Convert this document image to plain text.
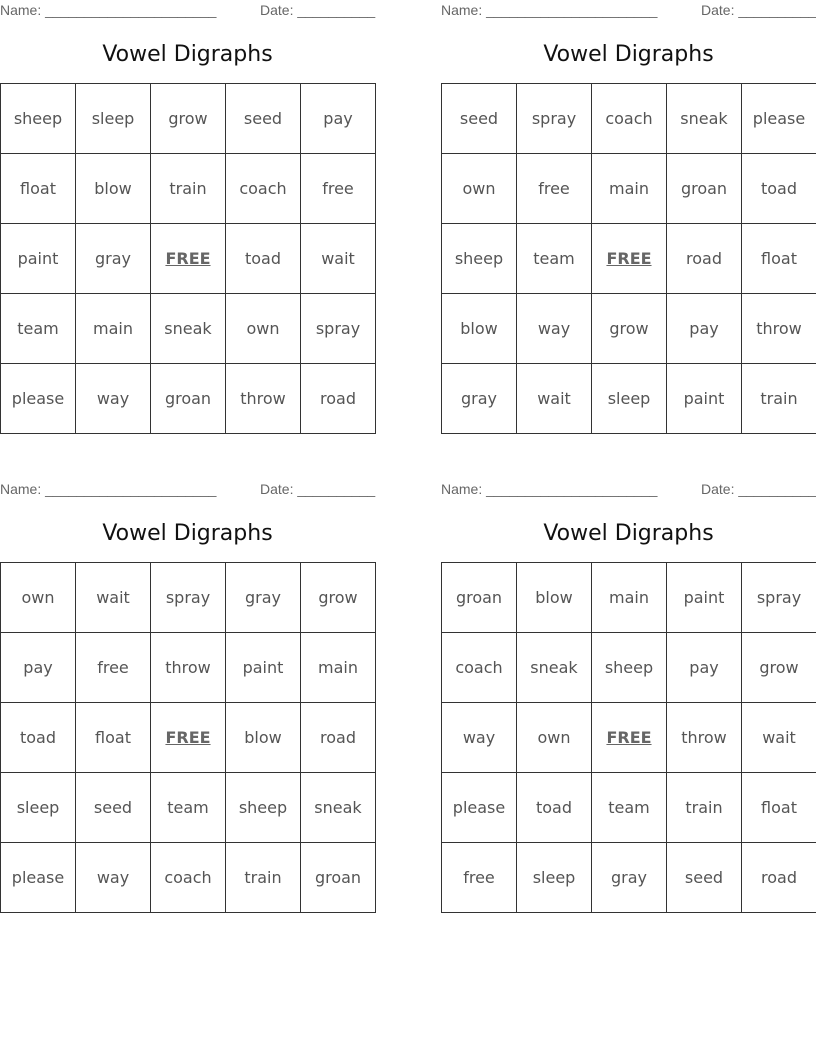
Name: ______________________	Date: __________
Vowel Digraphs
sheep	sleep	grow	seed	pay
float	blow	train	coach	free
paint	gray	FREE	toad	wait
team	main	sneak	own	spray
please	way	groan	throw	road
Name: ______________________	Date: __________
Vowel Digraphs
seed	spray	coach	sneak	please
own	free	main	groan	toad
sheep	team	FREE	road	float
blow	way	grow	pay	throw
gray	wait	sleep	paint	train
Name: ______________________	Date: __________
Vowel Digraphs
own	wait	spray	gray	grow
pay	free	throw	paint	main
toad	float	FREE	blow	road
sleep	seed	team	sheep	sneak
please	way	coach	train	groan
Name: ______________________	Date: __________
Vowel Digraphs
groan	blow	main	paint	spray
coach	sneak	sheep	pay	grow
way	own	FREE	throw	wait
please	toad	team	train	float
free	sleep	gray	seed	road
